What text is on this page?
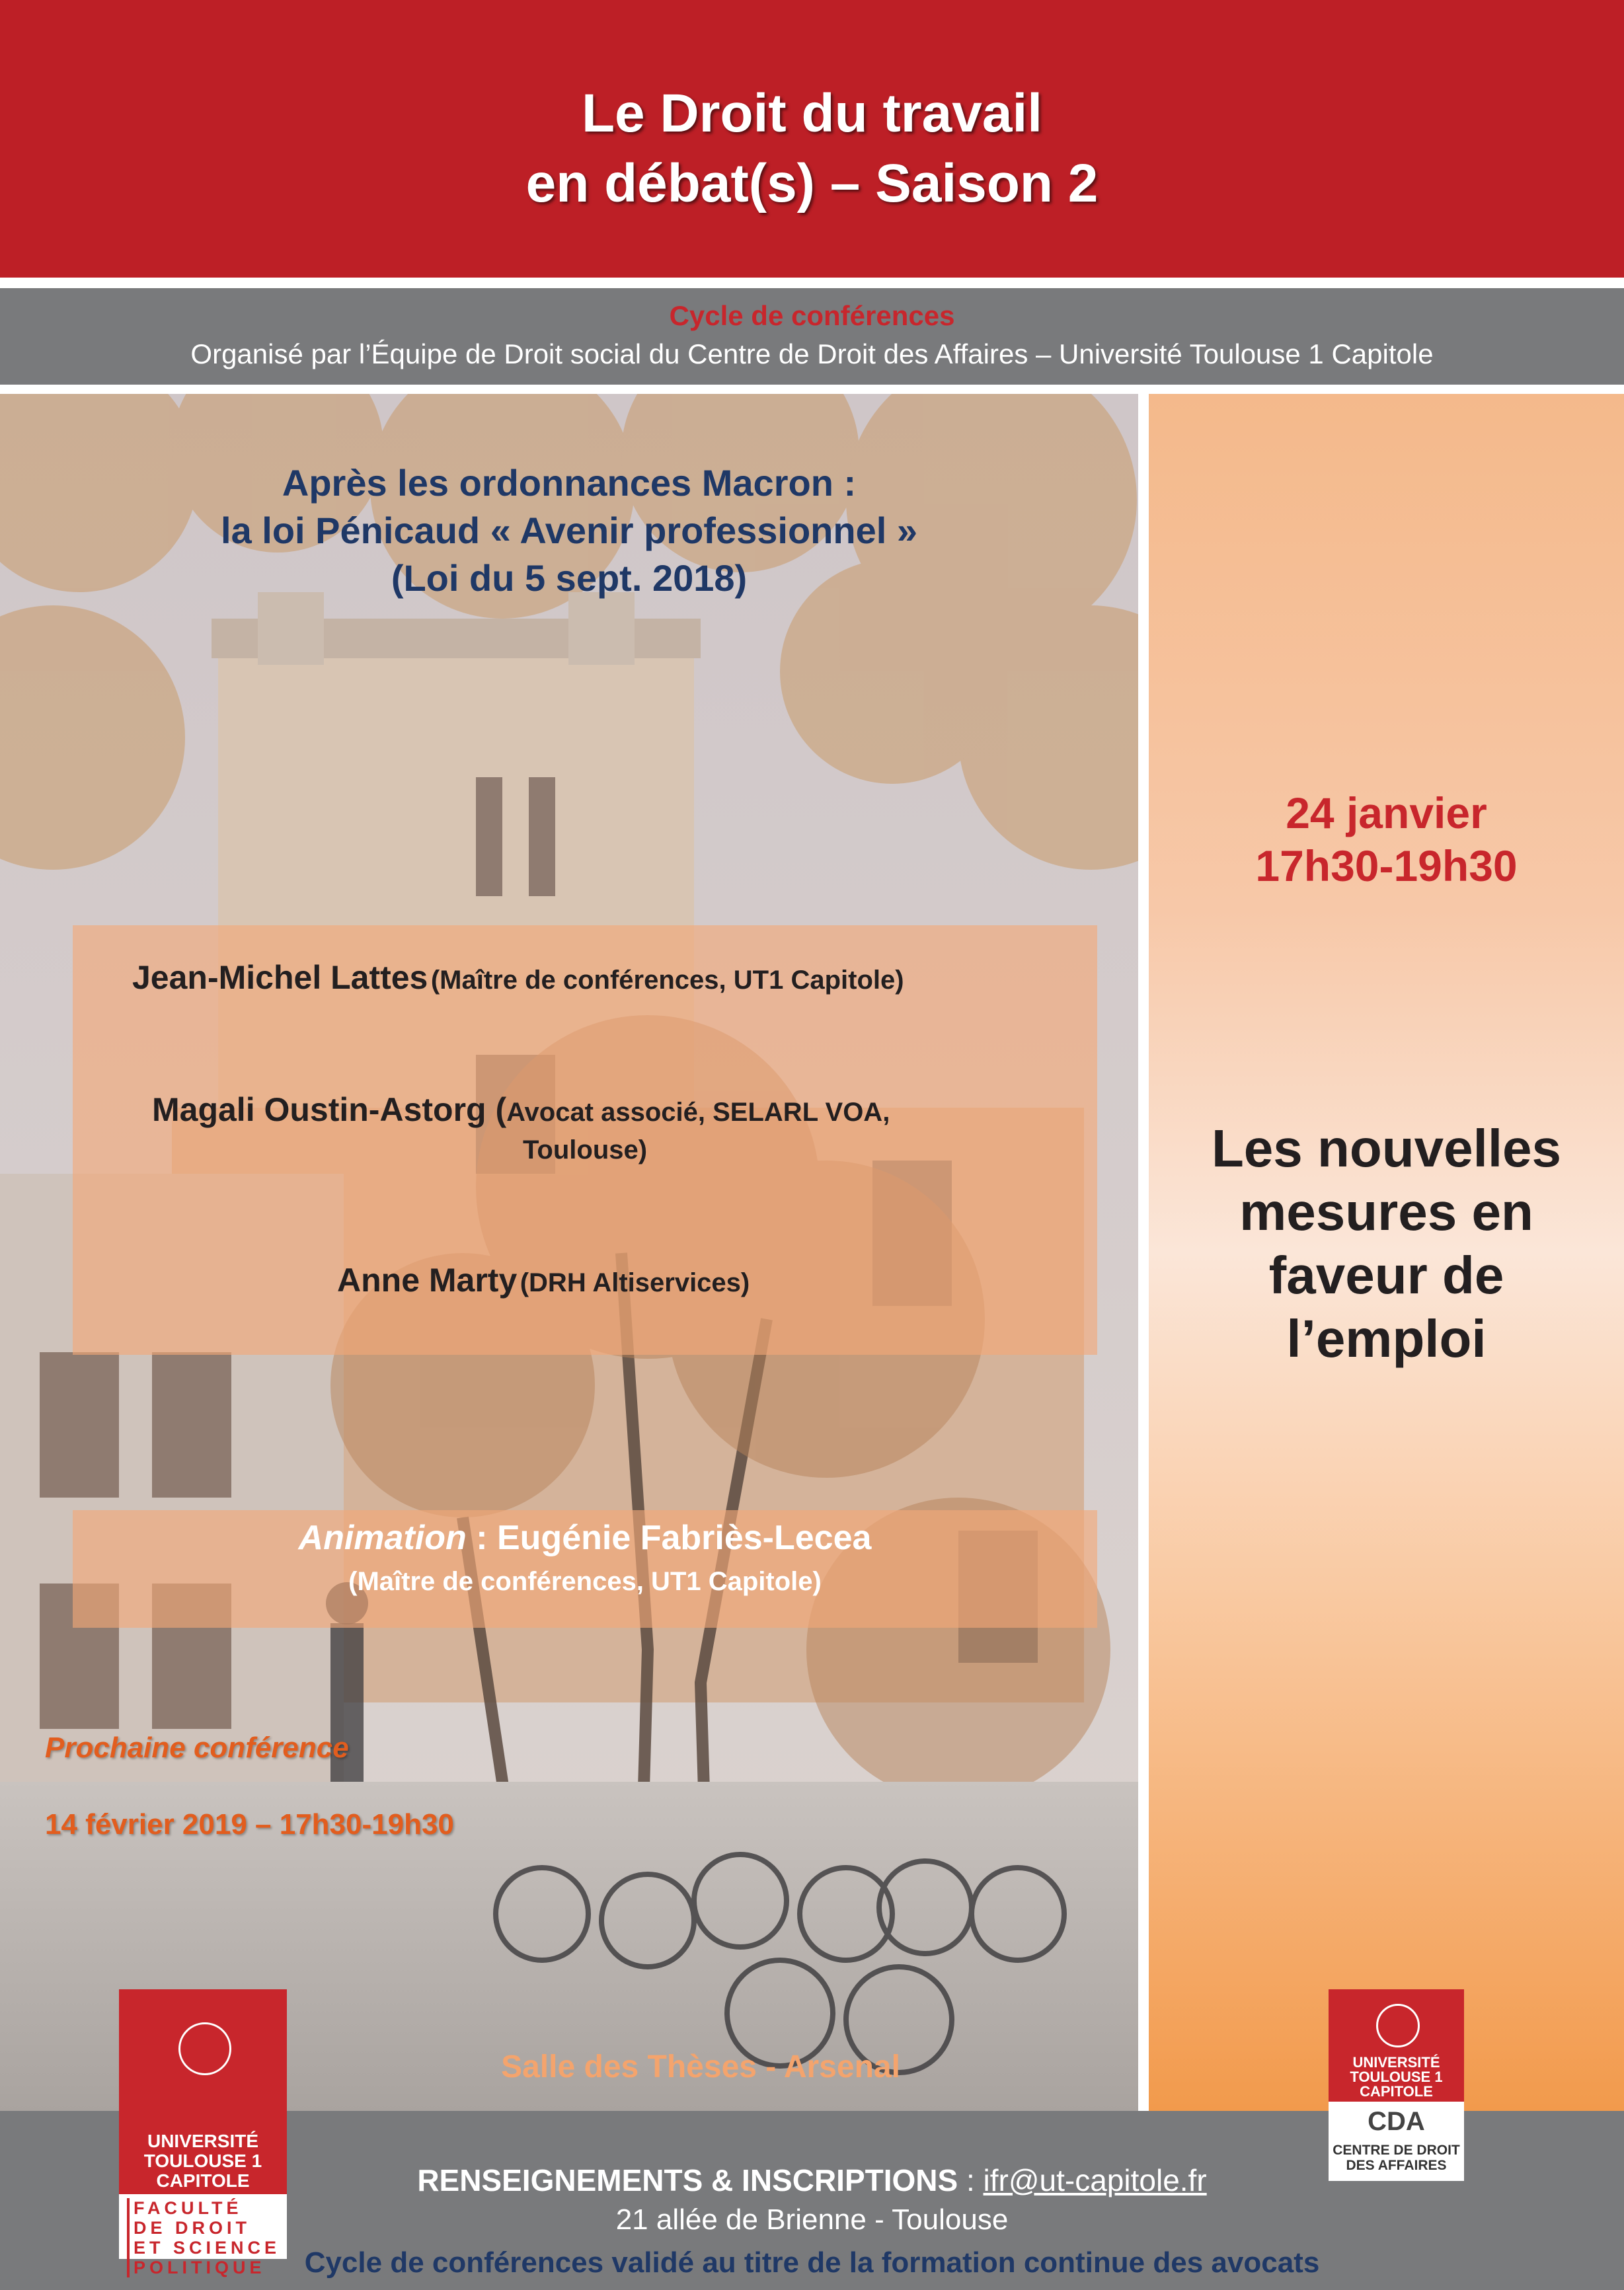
Le Droit du travail
en débat(s) – Saison 2
Cycle de conférences
Organisé par l’Équipe de Droit social du Centre de Droit des Affaires – Université Toulouse 1 Capitole
Après les ordonnances Macron :
la loi Pénicaud « Avenir professionnel »
(Loi du 5 sept. 2018)
Jean-Michel Lattes (Maître de conférences, UT1 Capitole)
Magali Oustin-Astorg (Avocat associé, SELARL VOA,
Toulouse)
Anne Marty (DRH Altiservices)
Animation : Eugénie Fabriès-Lecea
(Maître de conférences, UT1 Capitole)
Prochaine conférence
14 février 2019 – 17h30-19h30
Salle des Thèses - Arsenal
24 janvier
17h30-19h30
Les nouvelles
mesures en
faveur de
l’emploi
RENSEIGNEMENTS & INSCRIPTIONS : ifr@ut-capitole.fr
21 allée de Brienne - Toulouse
Cycle de conférences validé au titre de la formation continue des avocats
UNIVERSITÉ
TOULOUSE 1
CAPITOLE
FACULTÉ
DE DROIT
ET SCIENCE
POLITIQUE
UNIVERSITÉ
TOULOUSE 1
CAPITOLE
CDA
CENTRE DE DROIT
DES AFFAIRES
